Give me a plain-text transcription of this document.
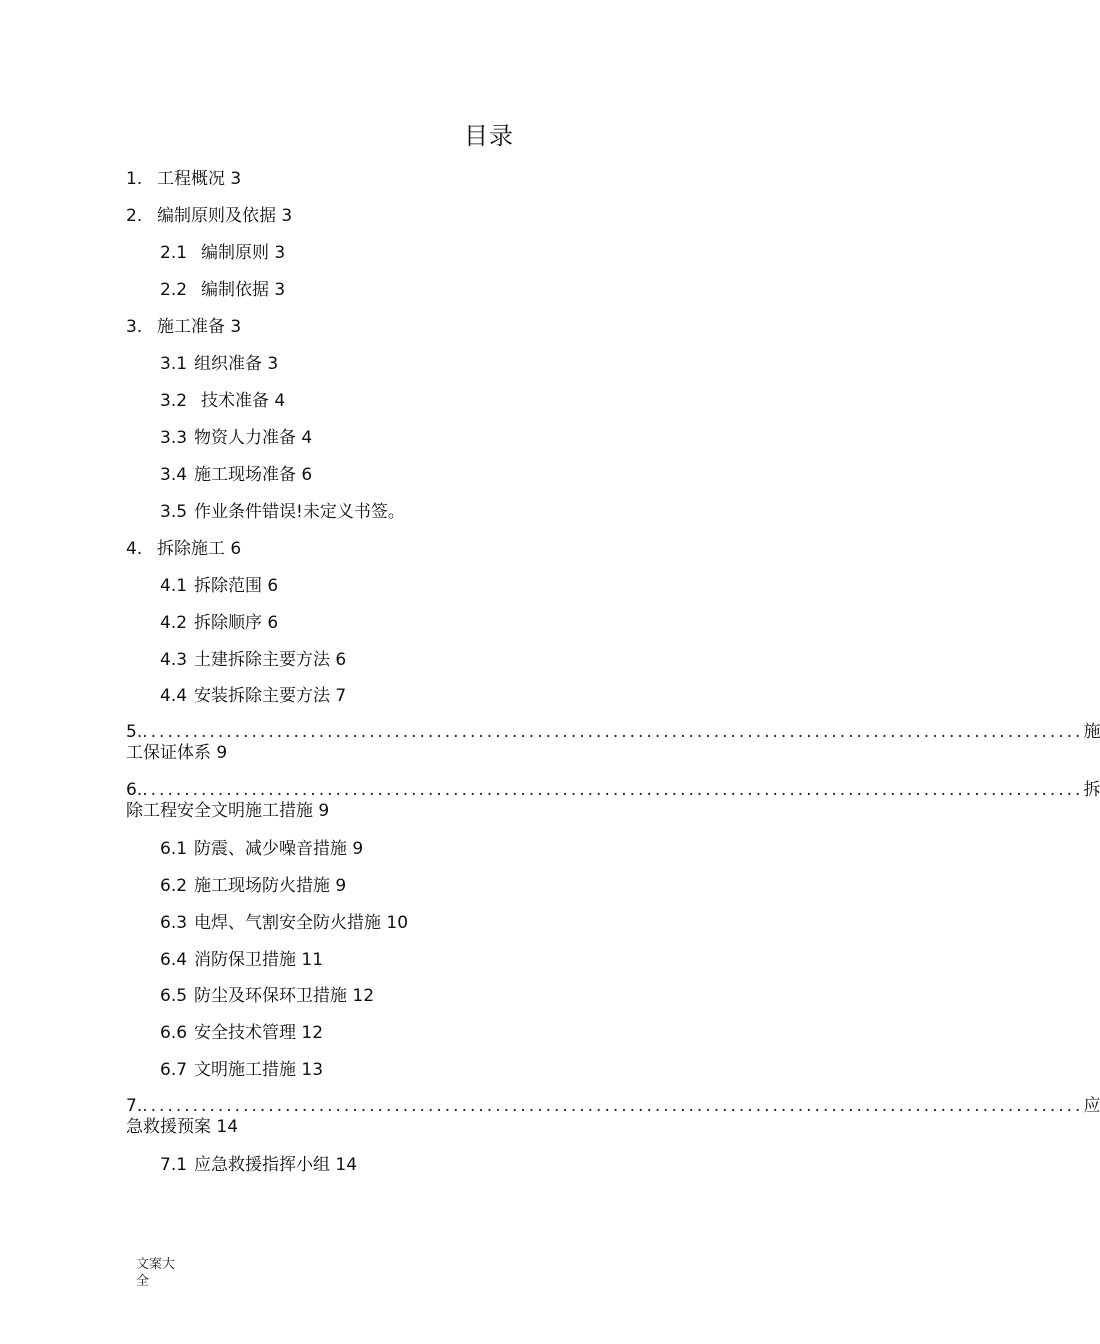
目录
1. 工程概况 3
2. 编制原则及依据 3
2.1 编制原则 3
2.2 编制依据 3
3. 施工准备 3
3.1 组织准备 3
3.2 技术准备 4
3.3 物资人力准备 4
3.4 施工现场准备 6
3.5 作业条件错误!未定义书签。
4. 拆除施工 6
4.1 拆除范围 6
4.2 拆除顺序 6
4.3 土建拆除主要方法 6
4.4 安装拆除主要方法 7
5. ................................................................................................................ 施
工保证体系 9
6. ................................................................................................................ 拆
除工程安全文明施工措施 9
6.1 防震、减少噪音措施 9
6.2 施工现场防火措施 9
6.3 电焊、气割安全防火措施 10
6.4 消防保卫措施 11
6.5 防尘及环保环卫措施 12
6.6 安全技术管理 12
6.7 文明施工措施 13
7. ................................................................................................................ 应
急救援预案 14
7.1 应急救援指挥小组 14
文案大全
